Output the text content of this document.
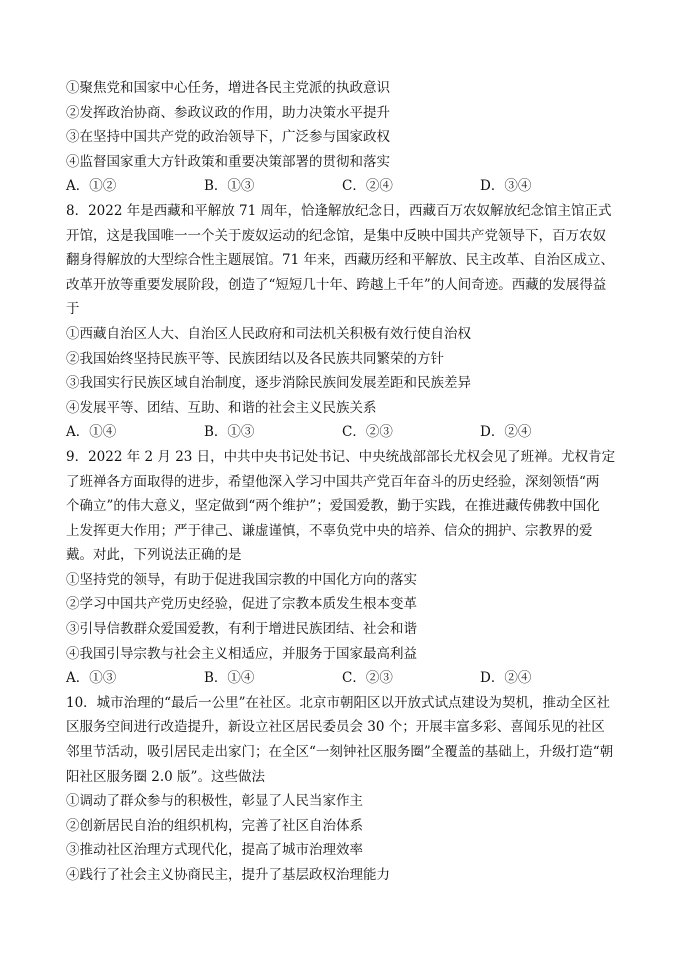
①聚焦党和国家中心任务，增进各民主党派的执政意识

②发挥政治协商、参政议政的作用，助力决策水平提升

③在坚持中国共产党的政治领导下，广泛参与国家政权

④监督国家重大方针政策和重要决策部署的贯彻和落实

A．①②	B．①③	C．②④	D．③④

8．2022 年是西藏和平解放 71 周年，恰逢解放纪念日，西藏百万农奴解放纪念馆主馆正式

开馆，这是我国唯一一个关于废奴运动的纪念馆，是集中反映中国共产党领导下，百万农奴

翻身得解放的大型综合性主题展馆。71 年来，西藏历经和平解放、民主改革、自治区成立、

改革开放等重要发展阶段，创造了“短短几十年、跨越上千年”的人间奇迹。西藏的发展得益

于

①西藏自治区人大、自治区人民政府和司法机关积极有效行使自治权

②我国始终坚持民族平等、民族团结以及各民族共同繁荣的方针

③我国实行民族区域自治制度，逐步消除民族间发展差距和民族差异

④发展平等、团结、互助、和谐的社会主义民族关系

A．①④	B．①③	C．②③	D．②④

9．2022 年 2 月 23 日，中共中央书记处书记、中央统战部部长尤权会见了班禅。尤权肯定

了班禅各方面取得的进步，希望他深入学习中国共产党百年奋斗的历史经验，深刻领悟“两

个确立”的伟大意义，坚定做到“两个维护”；爱国爱教，勤于实践，在推进藏传佛教中国化

上发挥更大作用；严于律己、谦虚谨慎，不辜负党中央的培养、信众的拥护、宗教界的爱

戴。对此，下列说法正确的是

①坚持党的领导，有助于促进我国宗教的中国化方向的落实

②学习中国共产党历史经验，促进了宗教本质发生根本变革

③引导信教群众爱国爱教，有利于增进民族团结、社会和谐

④我国引导宗教与社会主义相适应，并服务于国家最高利益

A．①③	B．①④	C．②③	D．②④

10．城市治理的“最后一公里”在社区。北京市朝阳区以开放式试点建设为契机，推动全区社

区服务空间进行改造提升，新设立社区居民委员会 30 个；开展丰富多彩、喜闻乐见的社区

邻里节活动，吸引居民走出家门；在全区“一刻钟社区服务圈”全覆盖的基础上，升级打造“朝

阳社区服务圈 2.0 版”。这些做法

①调动了群众参与的积极性，彰显了人民当家作主

②创新居民自治的组织机构，完善了社区自治体系

③推动社区治理方式现代化，提高了城市治理效率

④践行了社会主义协商民主，提升了基层政权治理能力
